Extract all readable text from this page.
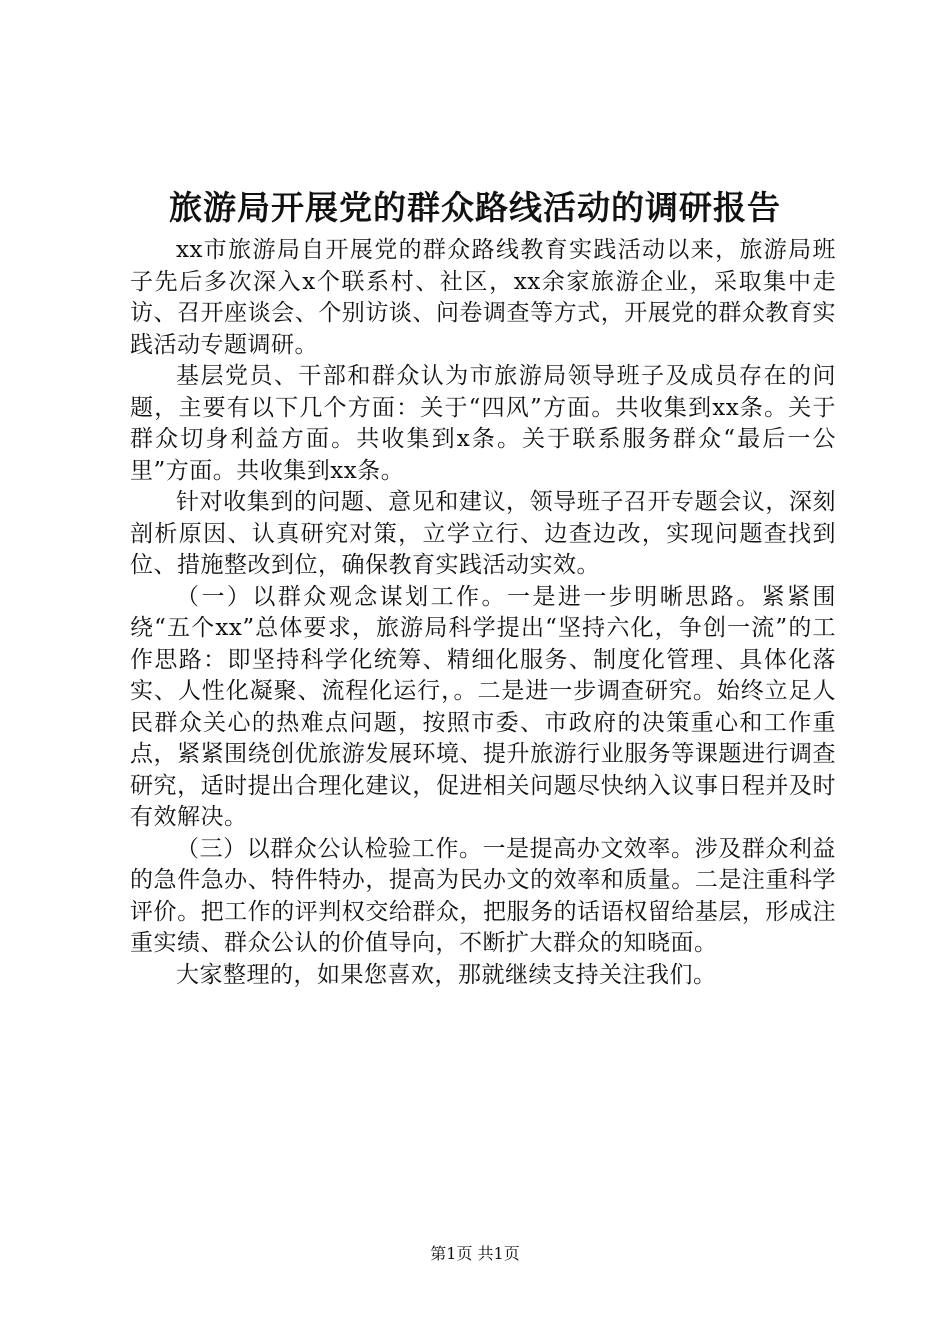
旅游局开展党的群众路线活动的调研报告

xx市旅游局自开展党的群众路线教育实践活动以来，旅游局班子先后多次深入x个联系村、社区，xx余家旅游企业，采取集中走访、召开座谈会、个别访谈、问卷调查等方式，开展党的群众教育实践活动专题调研。

基层党员、干部和群众认为市旅游局领导班子及成员存在的问题，主要有以下几个方面：关于“四风”方面。共收集到xx条。关于群众切身利益方面。共收集到x条。关于联系服务群众“最后一公里”方面。共收集到xx条。

针对收集到的问题、意见和建议，领导班子召开专题会议，深刻剖析原因、认真研究对策，立学立行、边查边改，实现问题查找到位、措施整改到位，确保教育实践活动实效。

（一）以群众观念谋划工作。一是进一步明晰思路。紧紧围绕“五个xx”总体要求，旅游局科学提出“坚持六化，争创一流”的工作思路：即坚持科学化统筹、精细化服务、制度化管理、具体化落实、人性化凝聚、流程化运行，。二是进一步调查研究。始终立足人民群众关心的热难点问题，按照市委、市政府的决策重心和工作重点，紧紧围绕创优旅游发展环境、提升旅游行业服务等课题进行调查研究，适时提出合理化建议，促进相关问题尽快纳入议事日程并及时有效解决。

（三）以群众公认检验工作。一是提高办文效率。涉及群众利益的急件急办、特件特办，提高为民办文的效率和质量。二是注重科学评价。把工作的评判权交给群众，把服务的话语权留给基层，形成注重实绩、群众公认的价值导向，不断扩大群众的知晓面。

大家整理的，如果您喜欢，那就继续支持关注我们。

第1页 共1页
